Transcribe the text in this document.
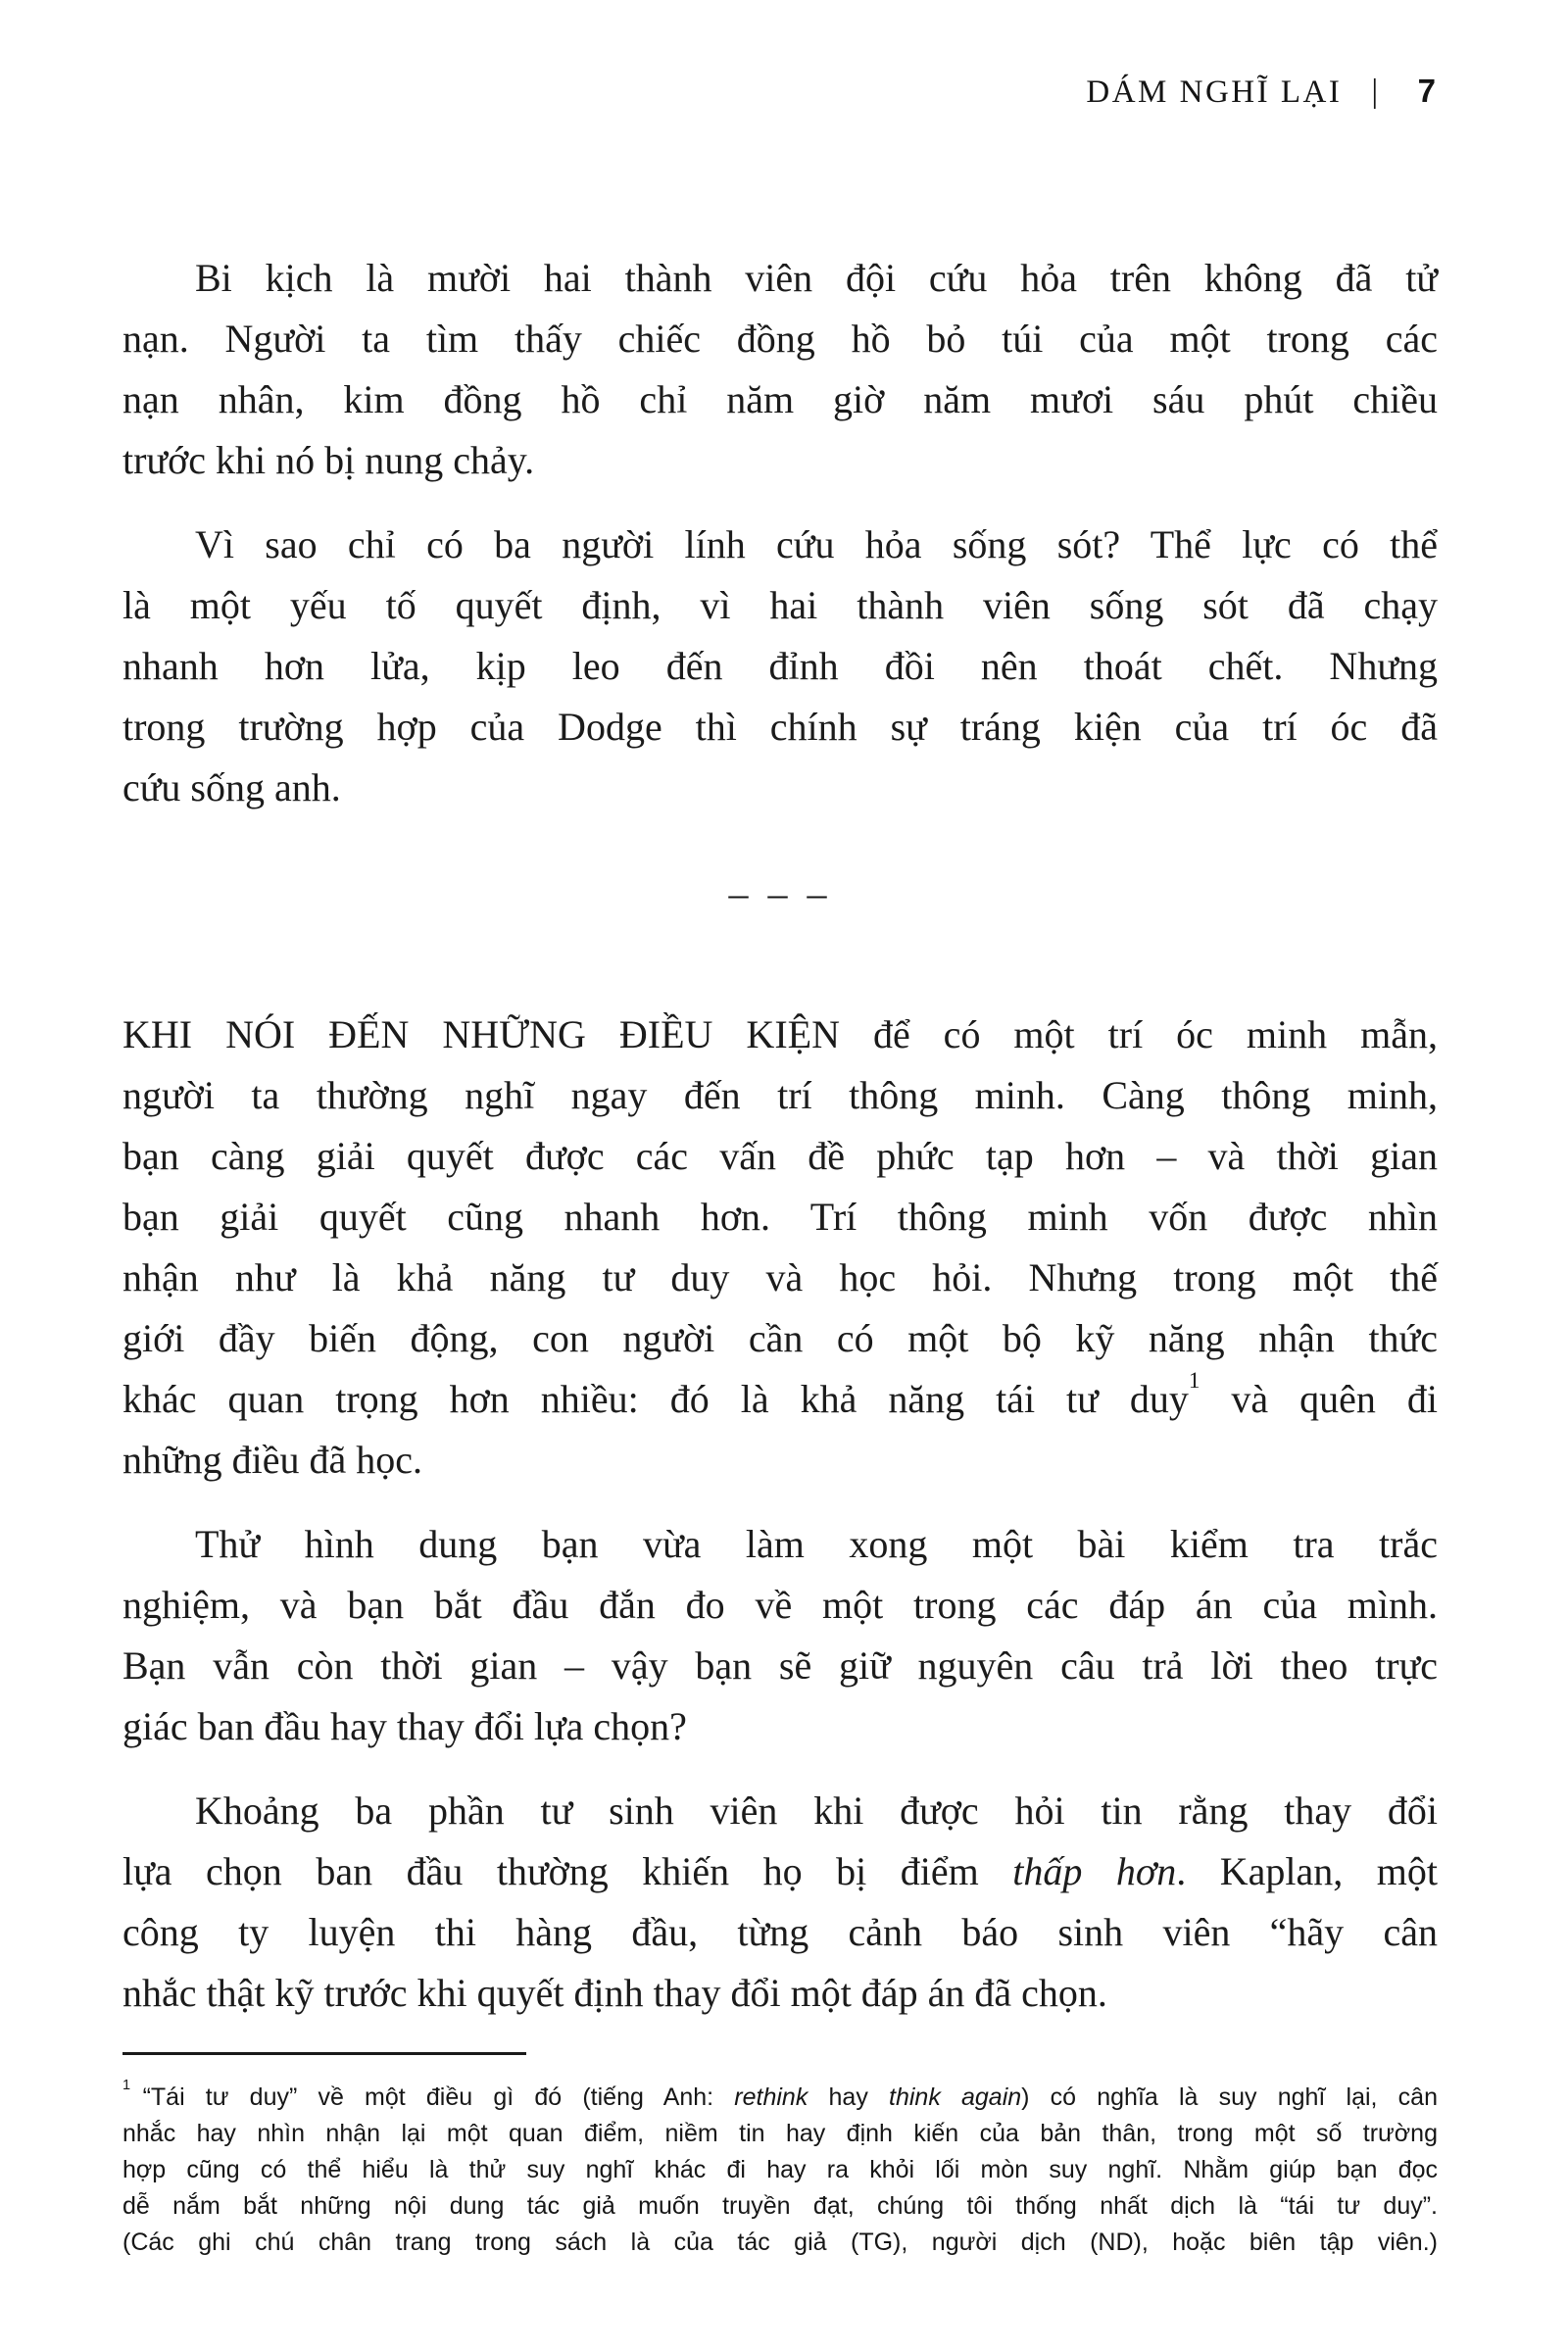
DÁM NGHĨ LẠI | 7
Bi kịch là mười hai thành viên đội cứu hỏa trên không đã tử
nạn. Người ta tìm thấy chiếc đồng hồ bỏ túi của một trong các
nạn nhân, kim đồng hồ chỉ năm giờ năm mươi sáu phút chiều
trước khi nó bị nung chảy.
Vì sao chỉ có ba người lính cứu hỏa sống sót? Thể lực có thể
là một yếu tố quyết định, vì hai thành viên sống sót đã chạy
nhanh hơn lửa, kịp leo đến đỉnh đồi nên thoát chết. Nhưng
trong trường hợp của Dodge thì chính sự tráng kiện của trí óc đã
cứu sống anh.
– – –
KHI NÓI ĐẾN NHỮNG ĐIỀU KIỆN để có một trí óc minh mẫn,
người ta thường nghĩ ngay đến trí thông minh. Càng thông minh,
bạn càng giải quyết được các vấn đề phức tạp hơn – và thời gian
bạn giải quyết cũng nhanh hơn. Trí thông minh vốn được nhìn
nhận như là khả năng tư duy và học hỏi. Nhưng trong một thế
giới đầy biến động, con người cần có một bộ kỹ năng nhận thức
khác quan trọng hơn nhiều: đó là khả năng tái tư duy$^1$ và quên đi
những điều đã học.
Thử hình dung bạn vừa làm xong một bài kiểm tra trắc
nghiệm, và bạn bắt đầu đắn đo về một trong các đáp án của mình.
Bạn vẫn còn thời gian – vậy bạn sẽ giữ nguyên câu trả lời theo trực
giác ban đầu hay thay đổi lựa chọn?
Khoảng ba phần tư sinh viên khi được hỏi tin rằng thay đổi
lựa chọn ban đầu thường khiến họ bị điểm thấp hơn. Kaplan, một
công ty luyện thi hàng đầu, từng cảnh báo sinh viên “hãy cân
nhắc thật kỹ trước khi quyết định thay đổi một đáp án đã chọn.
$^1$ “Tái tư duy” về một điều gì đó (tiếng Anh: rethink hay think again) có nghĩa là suy nghĩ lại, cân
nhắc hay nhìn nhận lại một quan điểm, niềm tin hay định kiến của bản thân, trong một số trường
hợp cũng có thể hiểu là thử suy nghĩ khác đi hay ra khỏi lối mòn suy nghĩ. Nhằm giúp bạn đọc
dễ nắm bắt những nội dung tác giả muốn truyền đạt, chúng tôi thống nhất dịch là “tái tư duy”.
(Các ghi chú chân trang trong sách là của tác giả (TG), người dịch (ND), hoặc biên tập viên.)
